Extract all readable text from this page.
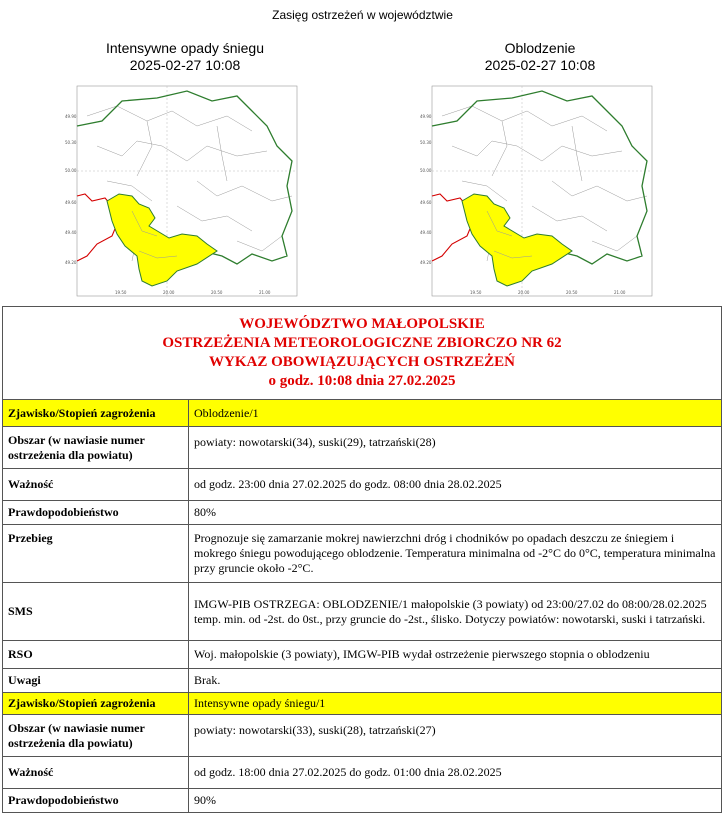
Zasięg ostrzeżeń w województwie
Intensywne opady śniegu
2025-02-27 10:08
49.90
50.30
50.00
49.60
49.40
49.20
19.50	20.00	20.50	21.00
Oblodzenie
2025-02-27 10:08
49.90
50.30
50.00
49.60
49.40
49.20
19.50	20.00	20.50	21.00
WOJEWÓDZTWO MAŁOPOLSKIE
OSTRZEŻENIA METEOROLOGICZNE ZBIORCZO NR 62
WYKAZ OBOWIĄZUJĄCYCH OSTRZEŻEŃ
o godz. 10:08 dnia 27.02.2025	

Zjawisko/Stopień zagrożenia	Oblodzenie/1
Obszar (w nawiasie numer ostrzeżenia dla powiatu)	powiaty: nowotarski(34), suski(29), tatrzański(28)
Ważność	od godz. 23:00 dnia 27.02.2025 do godz. 08:00 dnia 28.02.2025
Prawdopodobieństwo	80%
Przebieg	Prognozuje się zamarzanie mokrej nawierzchni dróg i chodników po opadach deszczu ze śniegiem i mokrego śniegu powodującego oblodzenie. Temperatura minimalna od -2°C do 0°C, temperatura minimalna przy gruncie około -2°C.
SMS	IMGW-PIB OSTRZEGA: OBLODZENIE/1 małopolskie (3 powiaty) od 23:00/27.02 do 08:00/28.02.2025 temp. min. od -2st. do 0st., przy gruncie do -2st., ślisko. Dotyczy powiatów: nowotarski, suski i tatrzański.
RSO	Woj. małopolskie (3 powiaty), IMGW-PIB wydał ostrzeżenie pierwszego stopnia o oblodzeniu
Uwagi	Brak.
Zjawisko/Stopień zagrożenia	Intensywne opady śniegu/1
Obszar (w nawiasie numer ostrzeżenia dla powiatu)	powiaty: nowotarski(33), suski(28), tatrzański(27)
Ważność	od godz. 18:00 dnia 27.02.2025 do godz. 01:00 dnia 28.02.2025
Prawdopodobieństwo	90%
